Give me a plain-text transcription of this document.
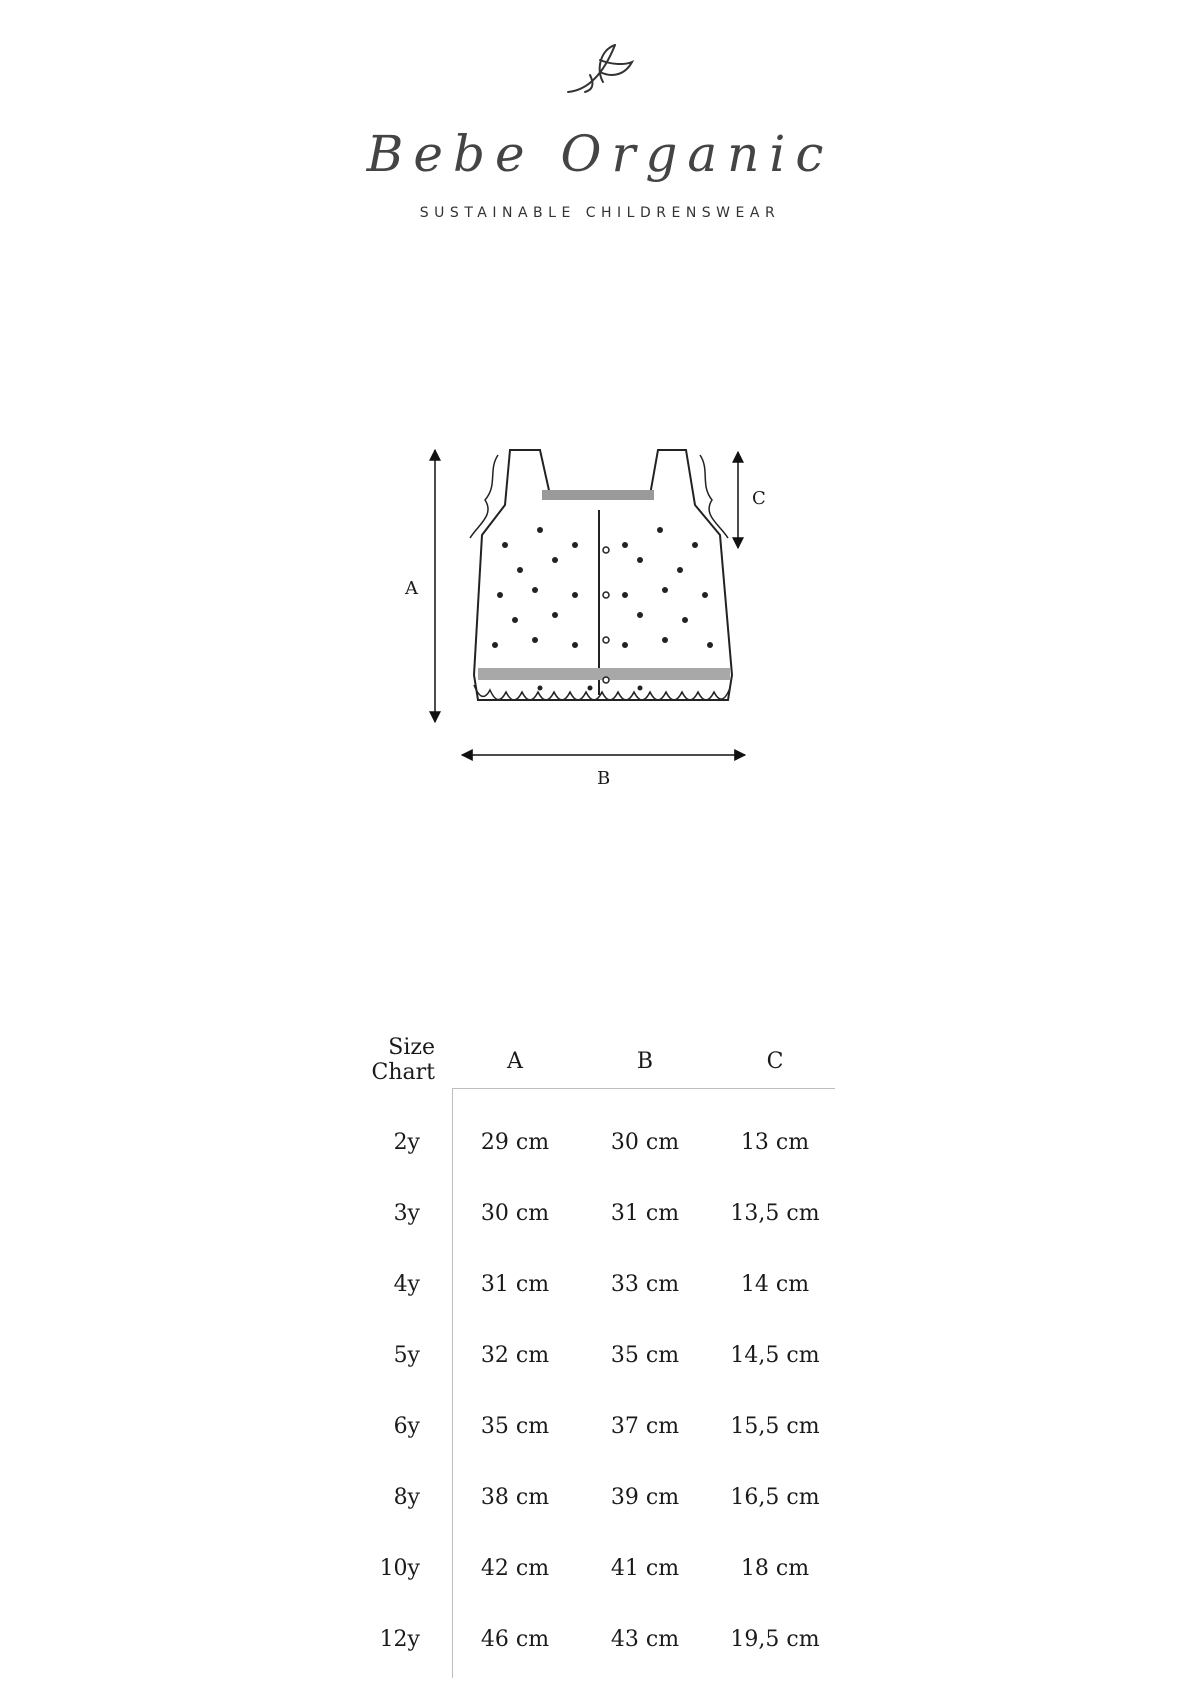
Bebe Organic
SUSTAINABLE CHILDRENSWEAR
A
B
C
Size
Chart	A	B	C
2y	29 cm	30 cm	13 cm
3y	30 cm	31 cm	13,5 cm
4y	31 cm	33 cm	14 cm
5y	32 cm	35 cm	14,5 cm
6y	35 cm	37 cm	15,5 cm
8y	38 cm	39 cm	16,5 cm
10y	42 cm	41 cm	18 cm
12y	46 cm	43 cm	19,5 cm
